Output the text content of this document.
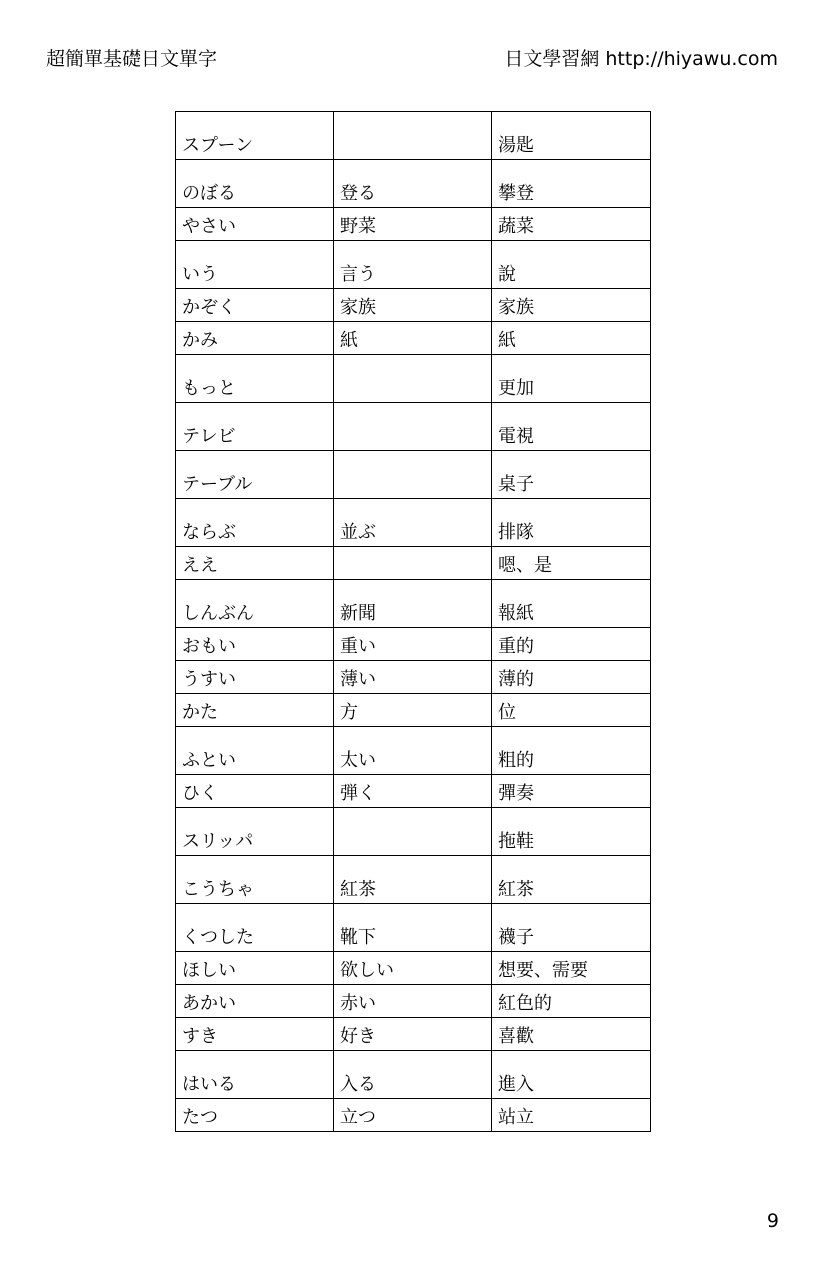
超簡單基礎日文單字	日文學習網 http://hiyawu.com
スプーン		湯匙
のぼる	登る	攀登
やさい	野菜	蔬菜
いう	言う	說
かぞく	家族	家族
かみ	紙	紙
もっと		更加
テレビ		電視
テーブル		桌子
ならぶ	並ぶ	排隊
ええ		嗯、是
しんぶん	新聞	報紙
おもい	重い	重的
うすい	薄い	薄的
かた	方	位
ふとい	太い	粗的
ひく	弾く	彈奏
スリッパ		拖鞋
こうちゃ	紅茶	紅茶
くつした	靴下	襪子
ほしい	欲しい	想要、需要
あかい	赤い	紅色的
すき	好き	喜歡
はいる	入る	進入
たつ	立つ	站立
9
